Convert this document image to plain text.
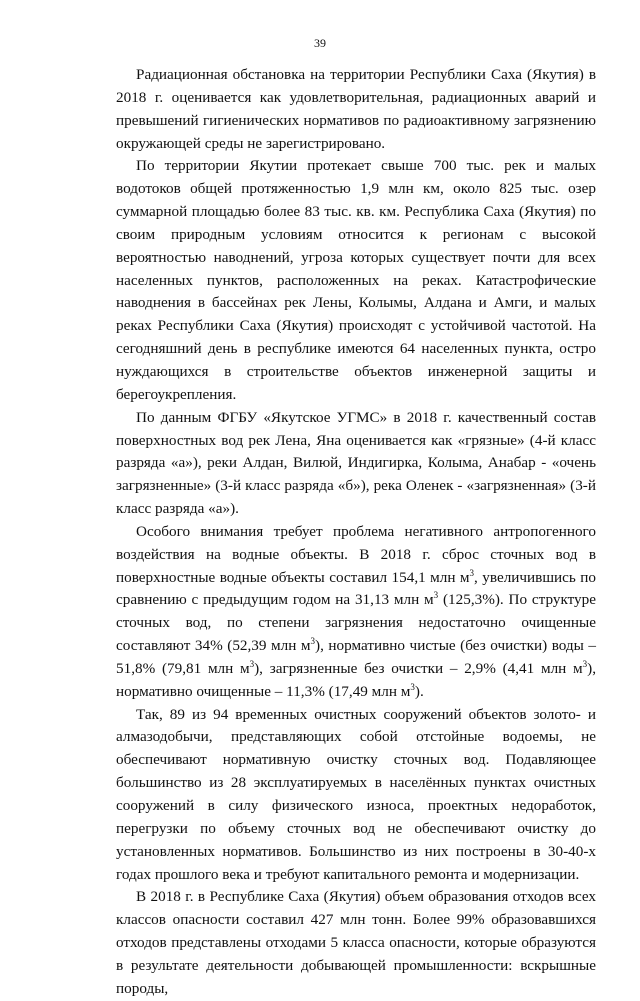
39

Радиационная обстановка на территории Республики Саха (Якутия) в 2018 г. оценивается как удовлетворительная, радиационных аварий и превышений гигиенических нормативов по радиоактивному загрязнению окружающей среды не зарегистрировано.

По территории Якутии протекает свыше 700 тыс. рек и малых водотоков общей протяженностью 1,9 млн км, около 825 тыс. озер суммарной площадью более 83 тыс. кв. км. Республика Саха (Якутия) по своим природным условиям относится к регионам с высокой вероятностью наводнений, угроза которых существует почти для всех населенных пунктов, расположенных на реках. Катастрофические наводнения в бассейнах рек Лены, Колымы, Алдана и Амги, и малых реках Республики Саха (Якутия) происходят с устойчивой частотой. На сегодняшний день в республике имеются 64 населенных пункта, остро нуждающихся в строительстве объектов инженерной защиты и берегоукрепления.

По данным ФГБУ «Якутское УГМС» в 2018 г. качественный состав поверхностных вод рек Лена, Яна оценивается как «грязные» (4-й класс разряда «а»), реки Алдан, Вилюй, Индигирка, Колыма, Анабар - «очень загрязненные» (3-й класс разряда «б»), река Оленек - «загрязненная» (3-й класс разряда «а»).

Особого внимания требует проблема негативного антропогенного воздействия на водные объекты. В 2018 г. сброс сточных вод в поверхностные водные объекты составил 154,1 млн $м^3$, увеличившись по сравнению с предыдущим годом на 31,13 млн $м^3$ (125,3%). По структуре сточных вод, по степени загрязнения недостаточно очищенные составляют 34% (52,39 млн $м^3$), нормативно чистые (без очистки) воды – 51,8% (79,81 млн $м^3$), загрязненные без очистки – 2,9% (4,41 млн $м^3$), нормативно очищенные – 11,3% (17,49 млн $м^3$).

Так, 89 из 94 временных очистных сооружений объектов золото- и алмазодобычи, представляющих собой отстойные водоемы, не обеспечивают нормативную очистку сточных вод. Подавляющее большинство из 28 эксплуатируемых в населённых пунктах очистных сооружений в силу физического износа, проектных недоработок, перегрузки по объему сточных вод не обеспечивают очистку до установленных нормативов. Большинство из них построены в 30-40-х годах прошлого века и требуют капитального ремонта и модернизации.

В 2018 г. в Республике Саха (Якутия) объем образования отходов всех классов опасности составил 427 млн тонн. Более 99% образовавшихся отходов представлены отходами 5 класса опасности, которые образуются в результате деятельности добывающей промышленности: вскрышные породы,
